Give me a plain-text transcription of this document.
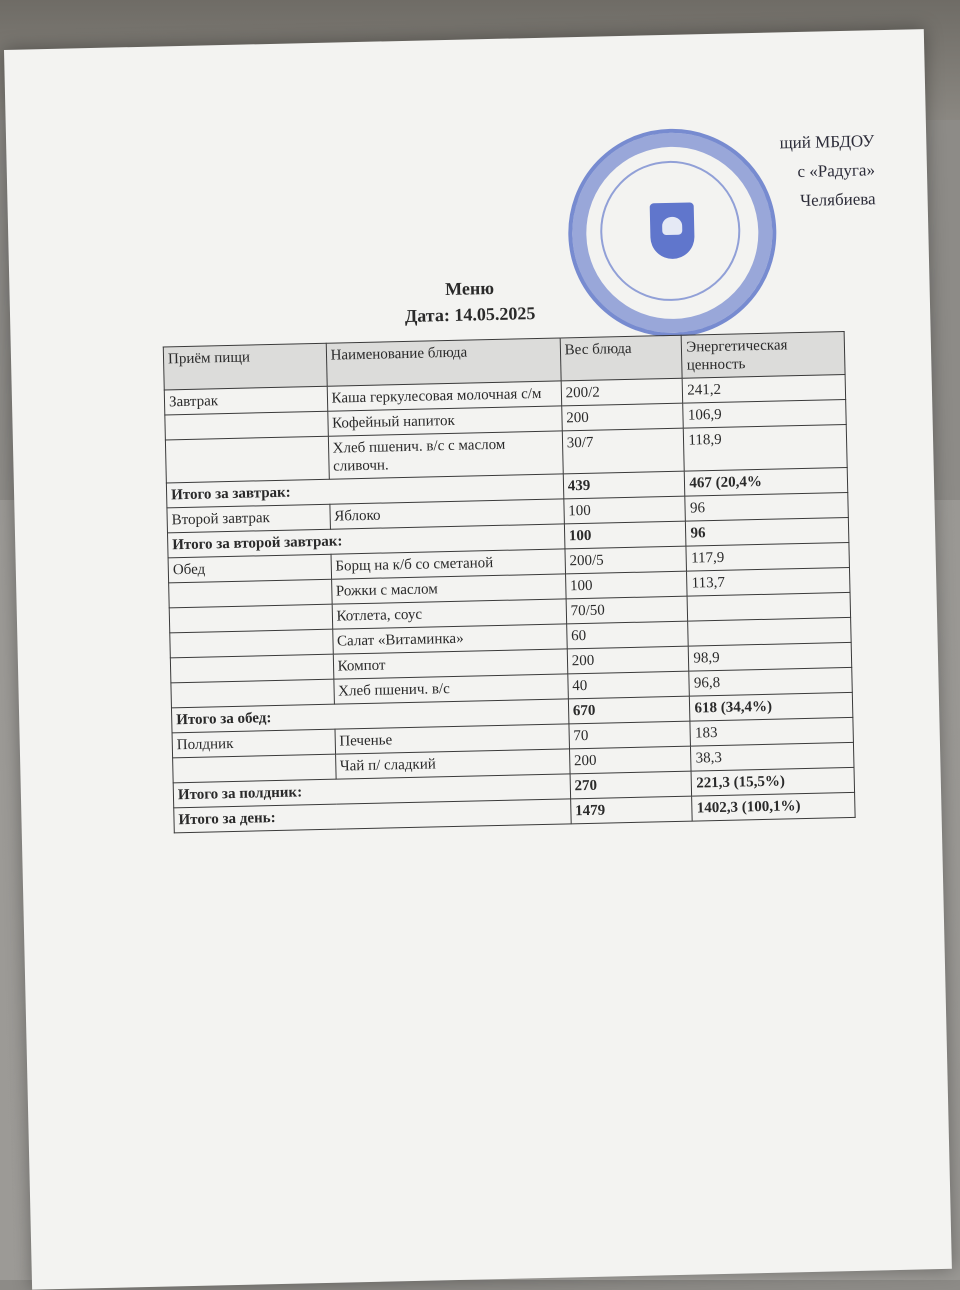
щий МБДОУ
с «Радуга»
Челябиева
Меню
Дата: 14.05.2025
Приём пищи	Наименование блюда	Вес блюда	Энергетическая ценность
Завтрак	Каша геркулесовая молочная с/м	200/2	241,2
	Кофейный напиток	200	106,9
	Хлеб пшенич. в/с с маслом сливочн.	30/7	118,9
Итого за завтрак:		439	467 (20,4%
Второй завтрак	Яблоко	100	96
Итого за второй завтрак:		100	96
Обед	Борщ на к/б со сметаной	200/5	117,9
	Рожки с маслом	100	113,7
	Котлета, соус	70/50	
	Салат «Витаминка»	60	
	Компот	200	98,9
	Хлеб пшенич. в/с	40	96,8
Итого за обед:		670	618 (34,4%)
Полдник	Печенье	70	183
	Чай п/ сладкий	200	38,3
Итого за полдник:		270	221,3 (15,5%)
Итого за день:		1479	1402,3 (100,1%)
